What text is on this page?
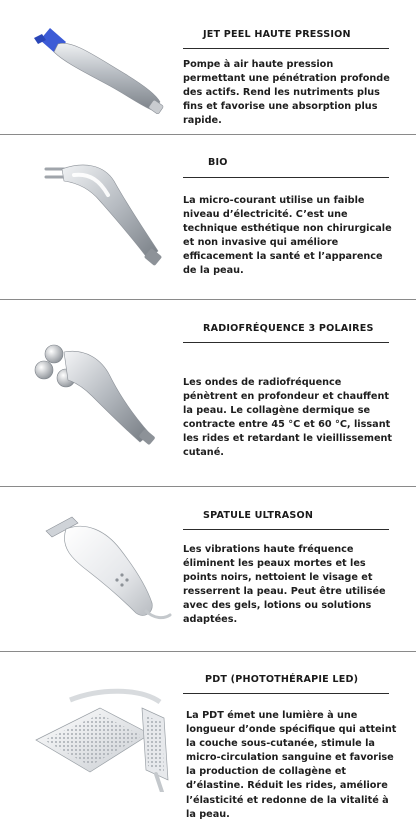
JET PEEL HAUTE PRESSION
Pompe à air haute pression
permettant une pénétration profonde
des actifs. Rend les nutriments plus
fins et favorise une absorption plus
rapide.
BIO
La micro-courant utilise un faible
niveau d’électricité. C’est une
technique esthétique non chirurgicale
et non invasive qui améliore
efficacement la santé et l’apparence
de la peau.
RADIOFRÉQUENCE 3 POLAIRES
Les ondes de radiofréquence
pénètrent en profondeur et chauffent
la peau. Le collagène dermique se
contracte entre 45 °C et 60 °C, lissant
les rides et retardant le vieillissement
cutané.
SPATULE ULTRASON
Les vibrations haute fréquence
éliminent les peaux mortes et les
points noirs, nettoient le visage et
resserrent la peau. Peut être utilisée
avec des gels, lotions ou solutions
adaptées.
PDT (PHOTOTHÉRAPIE LED)
La PDT émet une lumière à une
longueur d’onde spécifique qui atteint
la couche sous-cutanée, stimule la
micro-circulation sanguine et favorise
la production de collagène et
d’élastine. Réduit les rides, améliore
l’élasticité et redonne de la vitalité à
la peau.
